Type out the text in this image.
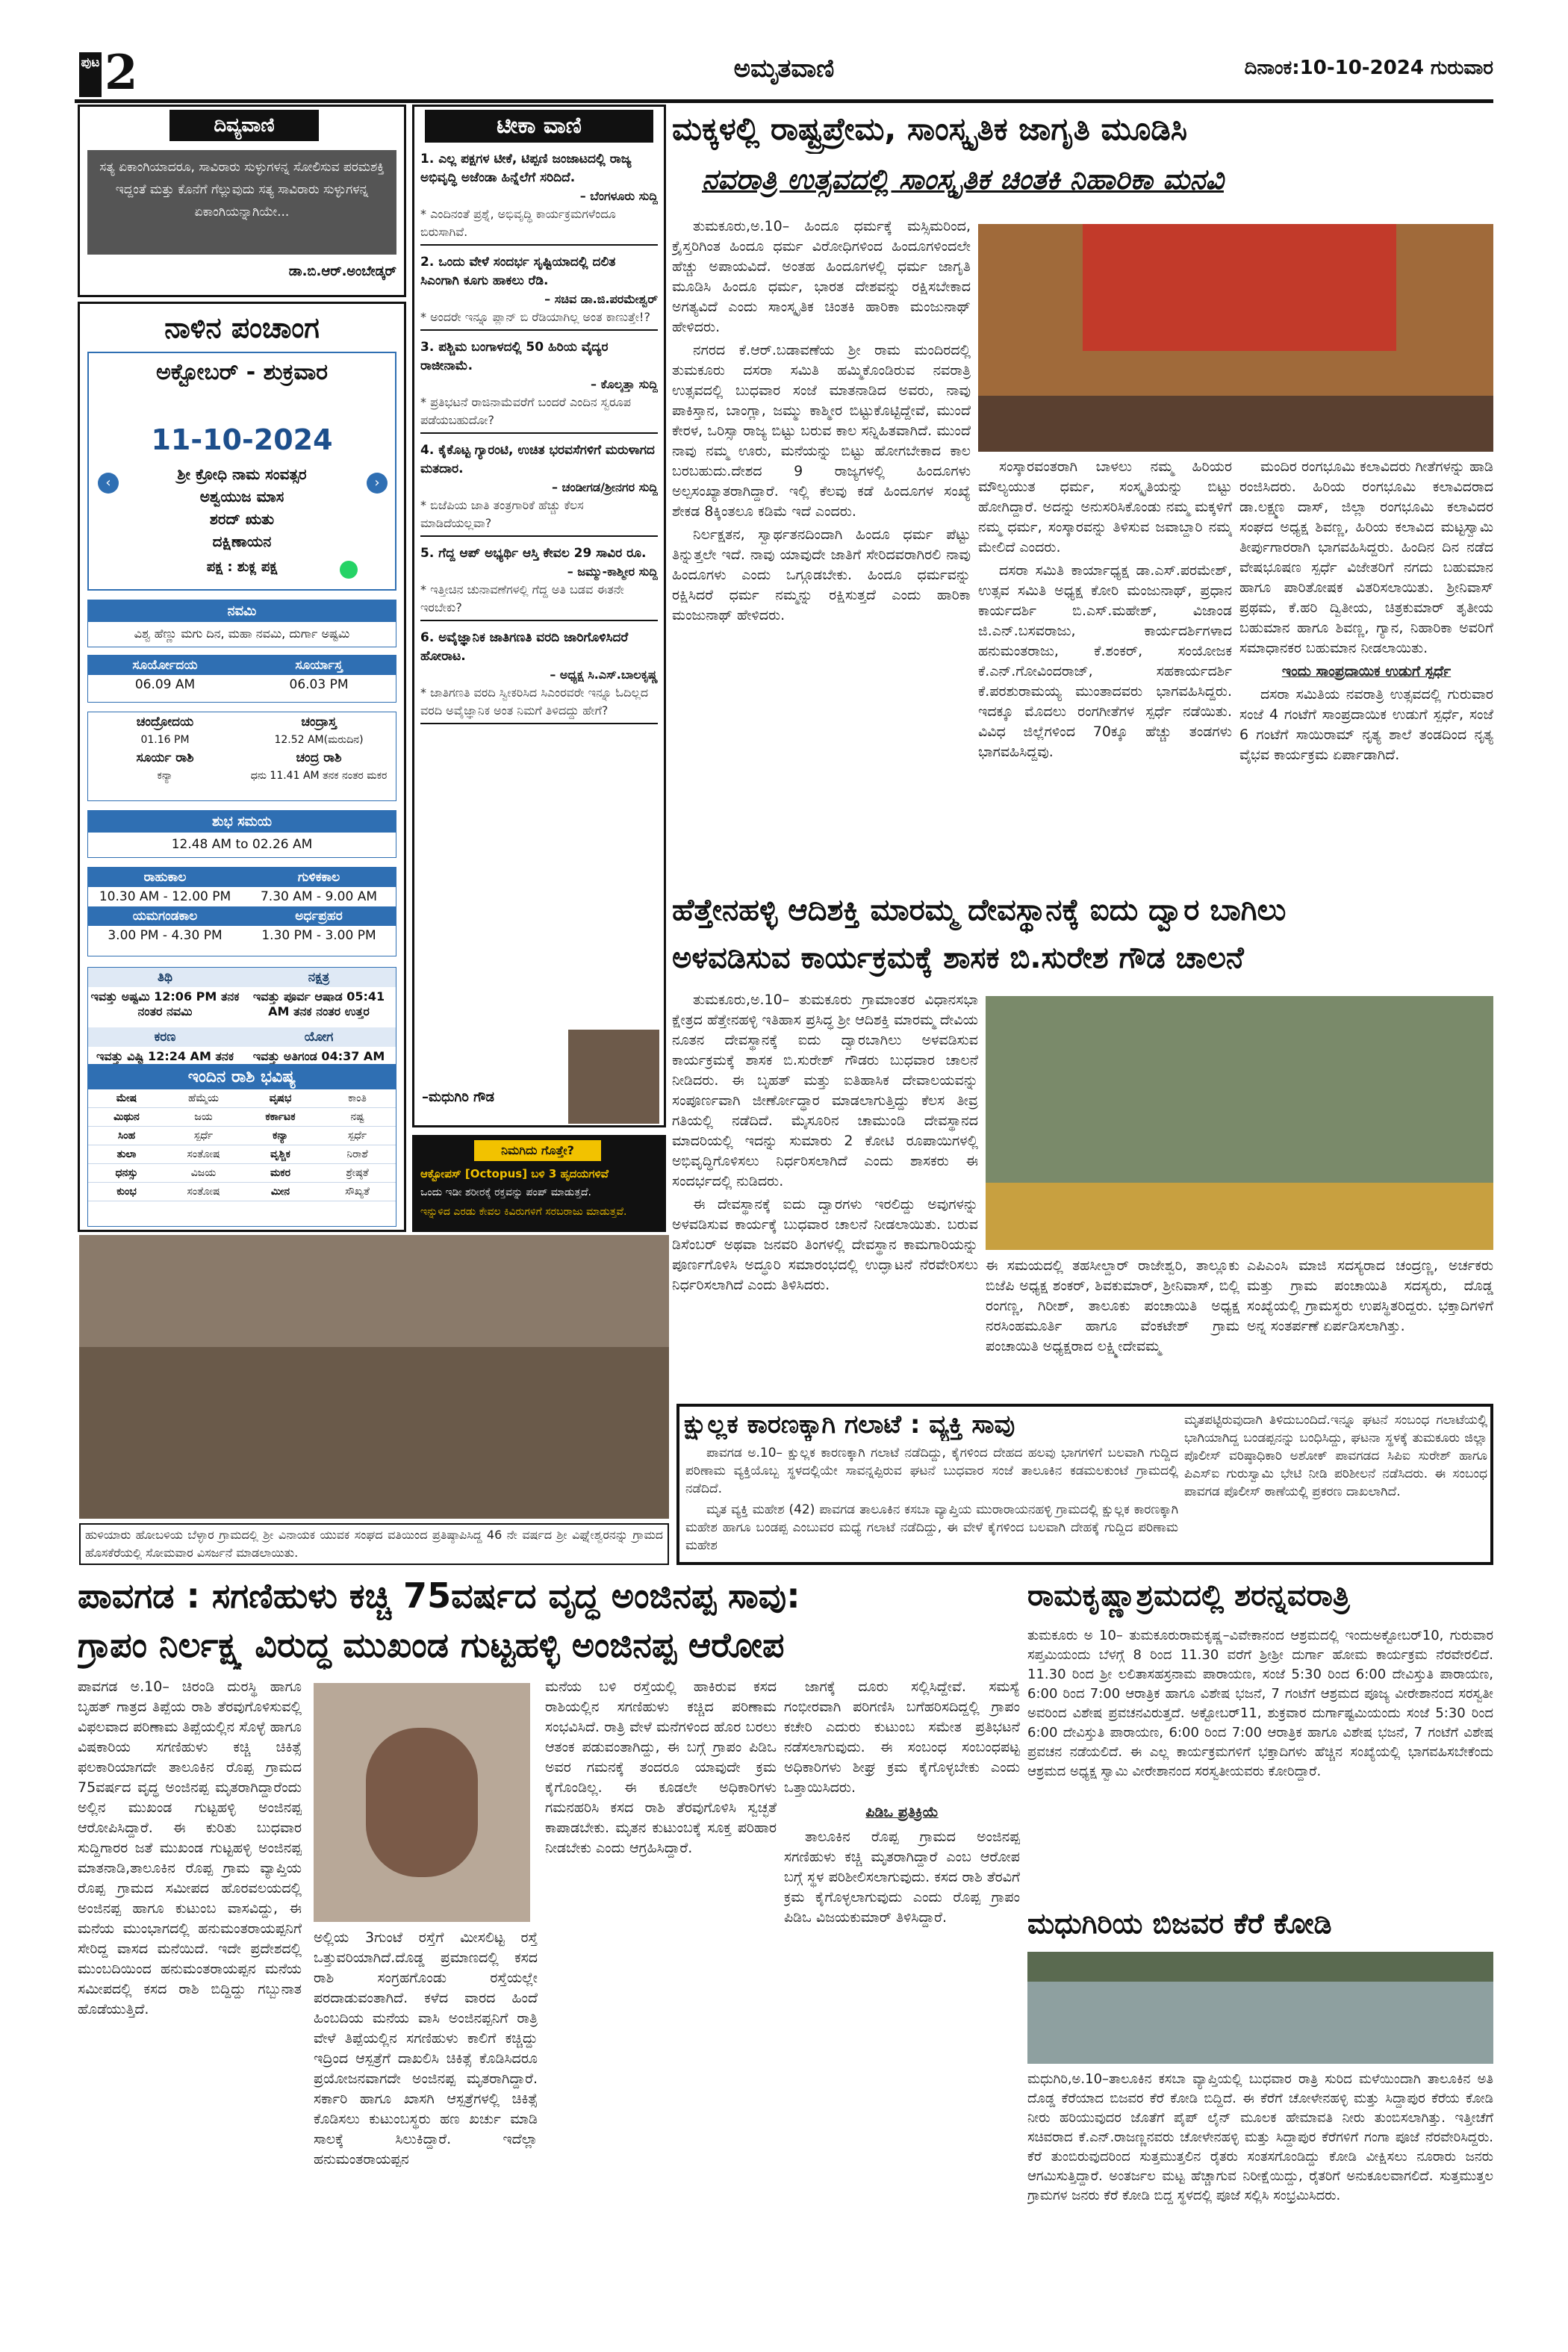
ಪುಟ 2	ಅಮೃತವಾಣಿ	ದಿನಾಂಕ:10-10-2024 ಗುರುವಾರ
ದಿವ್ಯವಾಣಿ
ಸತ್ಯ ಏಕಾಂಗಿಯಾದರೂ, ಸಾವಿರಾರು ಸುಳ್ಳುಗಳನ್ನ ಸೋಲಿಸುವ ಪರಮಶಕ್ತಿ ಇದ್ದಂತೆ ಮತ್ತು ಕೊನೆಗೆ ಗೆಲ್ಲುವುದು ಸತ್ಯ ಸಾವಿರಾರು ಸುಳ್ಳುಗಳನ್ನ ಏಕಾಂಗಿಯನ್ನಾಗಿಯೇ...
ಡಾ.ಬಿ.ಆರ್.ಅಂಬೇಡ್ಕರ್
ನಾಳಿನ ಪಂಚಾಂಗ
ಅಕ್ಟೋಬರ್ - ಶುಕ್ರವಾರ
11-10-2024
‹	›
ಶ್ರೀ ಕ್ರೋಧಿ ನಾಮ ಸಂವತ್ಸರ
ಅಶ್ವಯುಜ ಮಾಸ
ಶರದ್ ಋತು
ದಕ್ಷಿಣಾಯನ
ಪಕ್ಷ : ಶುಕ್ಲ ಪಕ್ಷ
ನವಮಿ
ವಿಶ್ವ ಹೆಣ್ಣು ಮಗು ದಿನ, ಮಹಾ ನವಮಿ, ದುರ್ಗಾ ಅಷ್ಟಮಿ
ಸೂರ್ಯೋದಯ	ಸೂರ್ಯಾಸ್ತ
06.09 AM	06.03 PM
ಚಂದ್ರೋದಯ	ಚಂದ್ರಾಸ್ತ
01.16 PM	12.52 AM(ಮರುದಿನ)
ಸೂರ್ಯ ರಾಶಿ	ಚಂದ್ರ ರಾಶಿ
ಕನ್ಯಾ	ಧನು 11.41 AM ತನಕ ನಂತರ ಮಕರ
ಶುಭ ಸಮಯ
12.48 AM to 02.26 AM
ರಾಹುಕಾಲ	ಗುಳಿಕಕಾಲ
10.30 AM - 12.00 PM	7.30 AM - 9.00 AM
ಯಮಗಂಡಕಾಲ	ಅರ್ಧಪ್ರಹರ
3.00 PM - 4.30 PM	1.30 PM - 3.00 PM
ತಿಥಿ	ನಕ್ಷತ್ರ
ಇವತ್ತು ಅಷ್ಟಮಿ 12:06 PM ತನಕ ನಂತರ ನವಮಿ
ಇವತ್ತು ಪೂರ್ವ ಆಷಾಡ 05:41 AM ತನಕ ನಂತರ ಉತ್ತರ
ಕರಣ	ಯೋಗ
ಇವತ್ತು ವಿಷ್ಟಿ 12:24 AM ತನಕ	ಇವತ್ತು ಅತಿಗಂಡ 04:37 AM
ಇಂದಿನ ರಾಶಿ ಭವಿಷ್ಯ
ಮೇಷ	ಹೆಮ್ಮೆಯ	ವೃಷಭ	ಕಾಂತಿ
ಮಿಥುನ	ಜಯ	ಕರ್ಕಾಟಕ	ನಷ್ಟ
ಸಿಂಹ	ಸ್ಪರ್ಧೆ	ಕನ್ಯಾ	ಸ್ಪರ್ಧೆ
ತುಲಾ	ಸಂತೋಷ	ವೃಶ್ಚಿಕ	ನಿರಾಶೆ
ಧನಸ್ಸು	ವಿಜಯ	ಮಕರ	ಶ್ರೇಷ್ಠತೆ
ಕುಂಭ	ಸಂತೋಷ	ಮೀನ	ಸೌಖ್ಯತೆ
ಟೀಕಾ ವಾಣಿ
1. ಎಲ್ಲ ಪಕ್ಷಗಳ ಟೀಕೆ, ಟಿಪ್ಪಣಿ ಜಂಜಾಟದಲ್ಲಿ ರಾಜ್ಯ ಅಭಿವೃದ್ಧಿ ಅಜೆಂಡಾ ಹಿನ್ನೆಲೆಗೆ ಸರಿದಿದೆ.
– ಬೆಂಗಳೂರು ಸುದ್ದಿ
* ಎಂದಿನಂತೆ ಪ್ರಶ್ನೆ, ಅಭಿವೃದ್ಧಿ ಕಾರ್ಯಕ್ರಮಗಳೆಂದೂ ಬಿರುಸಾಗಿವೆ.
2. ಒಂದು ವೇಳೆ ಸಂದರ್ಭ ಸೃಷ್ಟಿಯಾದಲ್ಲಿ ದಲಿತ ಸಿಎಂಗಾಗಿ ಕೂಗು ಹಾಕಲು ರೆಡಿ.
– ಸಚಿವ ಡಾ.ಜಿ.ಪರಮೇಶ್ವರ್
* ಅಂದರೇ ಇನ್ನೂ ಪ್ಲಾನ್ ಬಿ ರೆಡಿಯಾಗಿಲ್ಲ ಅಂತ ಕಾಣುತ್ತೇ!?
3. ಪಶ್ಚಿಮ ಬಂಗಾಳದಲ್ಲಿ 50 ಹಿರಿಯ ವೈದ್ಯರ ರಾಜೀನಾಮೆ.
– ಕೊಲ್ಕತ್ತಾ ಸುದ್ದಿ
* ಪ್ರತಿಭಟನೆ ರಾಜಿನಾಮೆವರೆಗೆ ಬಂದರೆ ಎಂದಿನ ಸ್ವರೂಪ ಪಡೆಯಬಹುದೋ?
4. ಕೈಕೊಟ್ಟ ಗ್ಯಾರಂಟಿ, ಉಚಿತ ಭರವಸೆಗಳಿಗೆ ಮರುಳಾಗದ ಮತದಾರ.
– ಚಂಡೀಗಡ/ಶ್ರೀನಗರ ಸುದ್ದಿ
* ಬಿಜೆಪಿಯ ಜಾತಿ ತಂತ್ರಗಾರಿಕೆ ಹೆಚ್ಚು ಕೆಲಸ ಮಾಡಿದೆಯಲ್ಲವಾ?
5. ಗೆದ್ದ ಆಪ್ ಅಭ್ಯರ್ಥಿ ಆಸ್ತಿ ಕೇವಲ 29 ಸಾವಿರ ರೂ.
– ಜಮ್ಮು-ಕಾಶ್ಮೀರ ಸುದ್ದಿ
* ಇತ್ತೀಚಿನ ಚುನಾವಣೆಗಳಲ್ಲಿ ಗೆದ್ದ ಅತಿ ಬಡವ ಈತನೇ ಇರಬೇಕು?
6. ಅವೈಜ್ಞಾನಿಕ ಜಾತಿಗಣತಿ ವರದಿ ಜಾರಿಗೊಳಿಸಿದರೆ ಹೋರಾಟ.
– ಅಧ್ಯಕ್ಷ ಸಿ.ಎಸ್.ಬಾಲಕೃಷ್ಣ
* ಜಾತಿಗಣತಿ ವರದಿ ಸ್ವೀಕರಿಸಿದ ಸಿಎಂರವರೇ ಇನ್ನೂ ಓದಿಲ್ಲದ ವರದಿ ಅವೈಜ್ಞಾನಿಕ ಅಂತ ನಿಮಗೆ ತಿಳಿದದ್ದು ಹೇಗೆ?
–ಮಧುಗಿರಿ ಗೌಡ
ನಿಮಗಿದು ಗೊತ್ತೇ?
ಆಕ್ಟೋಪಸ್ [Octopus] ಬಳಿ 3 ಹೃದಯಗಳಿವೆ
ಒಂದು ಇಡೀ ಶರೀರಕ್ಕೆ ರಕ್ತವನ್ನು ಪಂಪ್ ಮಾಡುತ್ತದೆ.
ಇನ್ನುಳಿದ ಎರಡು ಕೇವಲ ಕಿವಿರುಗಳಿಗೆ ಸರಬರಾಜು ಮಾಡುತ್ತವೆ.
ಮಕ್ಕಳಲ್ಲಿ ರಾಷ್ಟ್ರಪ್ರೇಮ, ಸಾಂಸ್ಕೃತಿಕ ಜಾಗೃತಿ ಮೂಡಿಸಿ
ನವರಾತ್ರಿ ಉತ್ಸವದಲ್ಲಿ ಸಾಂಸ್ಕೃತಿಕ ಚಿಂತಕಿ ನಿಹಾರಿಕಾ ಮನವಿ

ತುಮಕೂರು,ಅ.10– ಹಿಂದೂ ಧರ್ಮಕ್ಕೆ ಮಸ್ಸಿಮರಿಂದ, ಕ್ರೈಸ್ತರಿಗಿಂತ ಹಿಂದೂ ಧರ್ಮ ವಿರೋಧಿಗಳಿಂದ ಹಿಂದೂಗಳಿಂದಲೇ ಹೆಚ್ಚು ಅಪಾಯವಿದೆ. ಅಂತಹ ಹಿಂದೂಗಳಲ್ಲಿ ಧರ್ಮ ಜಾಗೃತಿ ಮೂಡಿಸಿ ಹಿಂದೂ ಧರ್ಮ, ಭಾರತ ದೇಶವನ್ನು ರಕ್ಷಿಸಬೇಕಾದ ಅಗತ್ಯವಿದೆ ಎಂದು ಸಾಂಸ್ಕೃತಿಕ ಚಿಂತಕಿ ಹಾರಿಕಾ ಮಂಜುನಾಥ್ ಹೇಳಿದರು.

ನಗರದ ಕೆ.ಆರ್.ಬಡಾವಣೆಯ ಶ್ರೀ ರಾಮ ಮಂದಿರದಲ್ಲಿ ತುಮಕೂರು ದಸರಾ ಸಮಿತಿ ಹಮ್ಮಿಕೊಂಡಿರುವ ನವರಾತ್ರಿ ಉತ್ಸವದಲ್ಲಿ ಬುಧವಾರ ಸಂಜೆ ಮಾತನಾಡಿದ ಅವರು, ನಾವು ಪಾಕಿಸ್ತಾನ, ಬಾಂಗ್ಲಾ, ಜಮ್ಮು ಕಾಶ್ಮೀರ ಬಿಟ್ಟುಕೊಟ್ಟಿದ್ದೇವೆ, ಮುಂದೆ ಕೇರಳ, ಒರಿಸ್ಸಾ ರಾಜ್ಯ ಬಿಟ್ಟು ಬರುವ ಕಾಲ ಸನ್ನಿಹಿತವಾಗಿದೆ. ಮುಂದೆ ನಾವು ನಮ್ಮ ಊರು, ಮನೆಯನ್ನು ಬಿಟ್ಟು ಹೋಗಬೇಕಾದ ಕಾಲ ಬರಬಹುದು.ದೇಶದ 9 ರಾಜ್ಯಗಳಲ್ಲಿ ಹಿಂದೂಗಳು ಅಲ್ಪಸಂಖ್ಯಾತರಾಗಿದ್ದಾರೆ. ಇಲ್ಲಿ ಕೆಲವು ಕಡೆ ಹಿಂದೂಗಳ ಸಂಖ್ಯೆ ಶೇಕಡ 8ಕ್ಕಿಂತಲೂ ಕಡಿಮೆ ಇದೆ ಎಂದರು.

ನಿರ್ಲಕ್ಷತನ, ಸ್ವಾರ್ಥತನದಿಂದಾಗಿ ಹಿಂದೂ ಧರ್ಮ ಪೆಟ್ಟು ತಿನ್ನುತ್ತಲೇ ಇದೆ. ನಾವು ಯಾವುದೇ ಜಾತಿಗೆ ಸೇರಿದವರಾಗಿರಲಿ ನಾವು ಹಿಂದೂಗಳು ಎಂದು ಒಗ್ಗೂಡಬೇಕು. ಹಿಂದೂ ಧರ್ಮವನ್ನು ರಕ್ಷಿಸಿದರೆ ಧರ್ಮ ನಮ್ಮನ್ನು ರಕ್ಷಿಸುತ್ತದೆ ಎಂದು ಹಾರಿಕಾ ಮಂಜುನಾಥ್ ಹೇಳಿದರು.

ಸಂಸ್ಕಾರವಂತರಾಗಿ ಬಾಳಲು ನಮ್ಮ ಹಿರಿಯರ ಮೌಲ್ಯಯುತ ಧರ್ಮ, ಸಂಸ್ಕೃತಿಯನ್ನು ಬಿಟ್ಟು ಹೋಗಿದ್ದಾರೆ. ಅದನ್ನು ಅನುಸರಿಸಿಕೊಂಡು ನಮ್ಮ ಮಕ್ಕಳಿಗೆ ನಮ್ಮ ಧರ್ಮ, ಸಂಸ್ಕಾರವನ್ನು ತಿಳಿಸುವ ಜವಾಬ್ದಾರಿ ನಮ್ಮ ಮೇಲಿದೆ ಎಂದರು.

ದಸರಾ ಸಮಿತಿ ಕಾರ್ಯಾಧ್ಯಕ್ಷ ಡಾ.ಎಸ್.ಪರಮೇಶ್, ಉತ್ಸವ ಸಮಿತಿ ಅಧ್ಯಕ್ಷ ಕೋರಿ ಮಂಜುನಾಥ್, ಪ್ರಧಾನ ಕಾರ್ಯದರ್ಶಿ ಬಿ.ಎಸ್.ಮಹೇಶ್, ವಿಜಾಂಡ ಜಿ.ಎನ್.ಬಸವರಾಜು, ಕಾರ್ಯದರ್ಶಿಗಳಾದ ಹನುಮಂತರಾಜು, ಕೆ.ಶಂಕರ್, ಸಂಯೋಜಕ ಕೆ.ಎನ್.ಗೋವಿಂದರಾಜ್, ಸಹಕಾರ್ಯದರ್ಶಿ ಕೆ.ಪರಶುರಾಮಯ್ಯ ಮುಂತಾದವರು ಭಾಗವಹಿಸಿದ್ದರು. ಇದಕ್ಕೂ ಮೊದಲು ರಂಗಗೀತೆಗಳ ಸ್ಪರ್ಧೆ ನಡೆಯಿತು. ವಿವಿಧ ಜಿಲ್ಲೆಗಳಿಂದ 70ಕ್ಕೂ ಹೆಚ್ಚು ತಂಡಗಳು ಭಾಗವಹಿಸಿದ್ದವು.

ಮಂದಿರ ರಂಗಭೂಮಿ ಕಲಾವಿದರು ಗೀತೆಗಳನ್ನು ಹಾಡಿ ರಂಜಿಸಿದರು. ಹಿರಿಯ ರಂಗಭೂಮಿ ಕಲಾವಿದರಾದ ಡಾ.ಲಕ್ಷ್ಮಣ ದಾಸ್, ಜಿಲ್ಲಾ ರಂಗಭೂಮಿ ಕಲಾವಿದರ ಸಂಘದ ಅಧ್ಯಕ್ಷ ಶಿವಣ್ಣ, ಹಿರಿಯ ಕಲಾವಿದ ಮಟ್ಟಸ್ವಾಮಿ ತೀರ್ಪುಗಾರರಾಗಿ ಭಾಗವಹಿಸಿದ್ದರು. ಹಿಂದಿನ ದಿನ ನಡೆದ ವೇಷಭೂಷಣ ಸ್ಪರ್ಧೆ ವಿಜೇತರಿಗೆ ನಗದು ಬಹುಮಾನ ಹಾಗೂ ಪಾರಿತೋಷಕ ವಿತರಿಸಲಾಯಿತು. ಶ್ರೀನಿವಾಸ್ ಪ್ರಥಮ, ಕೆ.ಹರಿ ದ್ವಿತೀಯ, ಚಿತ್ರಕುಮಾರ್ ತೃತೀಯ ಬಹುಮಾನ ಹಾಗೂ ಶಿವಣ್ಣ, ಗ್ಯಾನ, ನಿಹಾರಿಕಾ ಅವರಿಗೆ ಸಮಾಧಾನಕರ ಬಹುಮಾನ ನೀಡಲಾಯಿತು.

ಇಂದು ಸಾಂಪ್ರದಾಯಿಕ ಉಡುಗೆ ಸ್ಪರ್ಧೆ

ದಸರಾ ಸಮಿತಿಯ ನವರಾತ್ರಿ ಉತ್ಸವದಲ್ಲಿ ಗುರುವಾರ ಸಂಜೆ 4 ಗಂಟೆಗೆ ಸಾಂಪ್ರದಾಯಿಕ ಉಡುಗೆ ಸ್ಪರ್ಧೆ, ಸಂಜೆ 6 ಗಂಟೆಗೆ ಸಾಯಿರಾಮ್ ನೃತ್ಯ ಶಾಲೆ ತಂಡದಿಂದ ನೃತ್ಯ ವೈಭವ ಕಾರ್ಯಕ್ರಮ ಏರ್ಪಾಡಾಗಿದೆ.

ಹೆತ್ತೇನಹಳ್ಳಿ ಆದಿಶಕ್ತಿ ಮಾರಮ್ಮ ದೇವಸ್ಥಾನಕ್ಕೆ ಐದು ದ್ವಾರ ಬಾಗಿಲು
ಅಳವಡಿಸುವ ಕಾರ್ಯಕ್ರಮಕ್ಕೆ ಶಾಸಕ ಬಿ.ಸುರೇಶ ಗೌಡ ಚಾಲನೆ

ತುಮಕೂರು,ಅ.10– ತುಮಕೂರು ಗ್ರಾಮಾಂತರ ವಿಧಾನಸಭಾ ಕ್ಷೇತ್ರದ ಹೆತ್ತೇನಹಳ್ಳಿ ಇತಿಹಾಸ ಪ್ರಸಿದ್ಧ ಶ್ರೀ ಆದಿಶಕ್ತಿ ಮಾರಮ್ಮ ದೇವಿಯ ನೂತನ ದೇವಸ್ಥಾನಕ್ಕೆ ಐದು ದ್ವಾರಬಾಗಿಲು ಅಳವಡಿಸುವ ಕಾರ್ಯಕ್ರಮಕ್ಕೆ ಶಾಸಕ ಬಿ.ಸುರೇಶ್ ಗೌಡರು ಬುಧವಾರ ಚಾಲನೆ ನೀಡಿದರು. ಈ ಬೃಹತ್ ಮತ್ತು ಐತಿಹಾಸಿಕ ದೇವಾಲಯವನ್ನು ಸಂಪೂರ್ಣವಾಗಿ ಜೀರ್ಣೋದ್ಧಾರ ಮಾಡಲಾಗುತ್ತಿದ್ದು ಕೆಲಸ ತೀವ್ರ ಗತಿಯಲ್ಲಿ ನಡೆದಿದೆ. ಮೈಸೂರಿನ ಚಾಮುಂಡಿ ದೇವಸ್ಥಾನದ ಮಾದರಿಯಲ್ಲಿ ಇದನ್ನು ಸುಮಾರು 2 ಕೋಟಿ ರೂಪಾಯಿಗಳಲ್ಲಿ ಅಭಿವೃದ್ಧಿಗೊಳಿಸಲು ನಿರ್ಧರಿಸಲಾಗಿದೆ ಎಂದು ಶಾಸಕರು ಈ ಸಂದರ್ಭದಲ್ಲಿ ನುಡಿದರು.

ಈ ದೇವಸ್ಥಾನಕ್ಕೆ ಐದು ದ್ವಾರಗಳು ಇರಲಿದ್ದು ಅವುಗಳನ್ನು ಅಳವಡಿಸುವ ಕಾರ್ಯಕ್ಕೆ ಬುಧವಾರ ಚಾಲನೆ ನೀಡಲಾಯಿತು. ಬರುವ ಡಿಸೆಂಬರ್ ಅಥವಾ ಜನವರಿ ತಿಂಗಳಲ್ಲಿ ದೇವಸ್ಥಾನ ಕಾಮಗಾರಿಯನ್ನು ಪೂರ್ಣಗೊಳಿಸಿ ಅದ್ಧೂರಿ ಸಮಾರಂಭದಲ್ಲಿ ಉದ್ಘಾಟನೆ ನೆರವೇರಿಸಲು ನಿರ್ಧರಿಸಲಾಗಿದೆ ಎಂದು ತಿಳಿಸಿದರು.

ಈ ಸಮಯದಲ್ಲಿ ತಹಸೀಲ್ದಾರ್ ರಾಜೇಶ್ವರಿ, ತಾಲ್ಲೂಕು ಬಿಜೆಪಿ ಅಧ್ಯಕ್ಷ ಶಂಕರ್, ಶಿವಕುಮಾರ್, ಶ್ರೀನಿವಾಸ್, ಬಿಲ್ಲಿ ರಂಗಣ್ಣ, ಗಿರೀಶ್, ತಾಲೂಕು ಪಂಚಾಯಿತಿ ಅಧ್ಯಕ್ಷ ನರಸಿಂಹಮೂರ್ತಿ ಹಾಗೂ ವೆಂಕಟೇಶ್ ಗ್ರಾಮ ಪಂಚಾಯಿತಿ ಅಧ್ಯಕ್ಷರಾದ ಲಕ್ಷ್ಮೀದೇವಮ್ಮ
ಎಪಿಎಂಸಿ ಮಾಜಿ ಸದಸ್ಯರಾದ ಚಂದ್ರಣ್ಣ, ಅರ್ಚಕರು ಮತ್ತು ಗ್ರಾಮ ಪಂಚಾಯಿತಿ ಸದಸ್ಯರು, ದೊಡ್ಡ ಸಂಖ್ಯೆಯಲ್ಲಿ ಗ್ರಾಮಸ್ಥರು ಉಪಸ್ಥಿತರಿದ್ದರು. ಭಕ್ತಾದಿಗಳಿಗೆ ಅನ್ನ ಸಂತರ್ಪಣೆ ಏರ್ಪಡಿಸಲಾಗಿತ್ತು.
ಹುಳಿಯಾರು ಹೋಬಳಿಯ ಬೆಳ್ಳಾರ ಗ್ರಾಮದಲ್ಲಿ ಶ್ರೀ ವಿನಾಯಕ ಯುವಕ ಸಂಘದ ವತಿಯಿಂದ ಪ್ರತಿಷ್ಠಾಪಿಸಿದ್ದ 46 ನೇ ವರ್ಷದ ಶ್ರೀ ವಿಘ್ನೇಶ್ವರನನ್ನು ಗ್ರಾಮದ ಹೊಸಕೆರೆಯಲ್ಲಿ ಸೋಮವಾರ ವಿಸರ್ಜನೆ ಮಾಡಲಾಯಿತು.
ಕ್ಷುಲ್ಲಕ ಕಾರಣಕ್ಕಾಗಿ ಗಲಾಟೆ : ವ್ಯಕ್ತಿ ಸಾವು

ಪಾವಗಡ ಅ.10– ಕ್ಷುಲ್ಲಕ ಕಾರಣಕ್ಕಾಗಿ ಗಲಾಟೆ ನಡೆದಿದ್ದು, ಕೈಗಳಿಂದ ದೇಹದ ಹಲವು ಭಾಗಗಳಿಗೆ ಬಲವಾಗಿ ಗುದ್ದಿದ ಪರಿಣಾಮ ವ್ಯಕ್ತಿಯೊಬ್ಬ ಸ್ಥಳದಲ್ಲಿಯೇ ಸಾವನ್ನಪ್ಪಿರುವ ಘಟನೆ ಬುಧವಾರ ಸಂಜೆ ತಾಲೂಕಿನ ಕಡಮಲಕುಂಟೆ ಗ್ರಾಮದಲ್ಲಿ ನಡೆದಿದೆ.

ಮೃತ ವ್ಯಕ್ತಿ ಮಹೇಶ (42) ಪಾವಗಡ ತಾಲೂಕಿನ ಕಸಬಾ ವ್ಯಾಪ್ತಿಯ ಮುರಾರಾಯನಹಳ್ಳಿ ಗ್ರಾಮದಲ್ಲಿ ಕ್ಷುಲ್ಲಕ ಕಾರಣಕ್ಕಾಗಿ ಮಹೇಶ ಹಾಗೂ ಬಂಡಪ್ಪ ಎಂಬುವರ ಮಧ್ಯೆ ಗಲಾಟೆ ನಡೆದಿದ್ದು, ಈ ವೇಳೆ ಕೈಗಳಿಂದ ಬಲವಾಗಿ ದೇಹಕ್ಕೆ ಗುದ್ದಿದ ಪರಿಣಾಮ ಮಹೇಶ

ಮೃತಪಟ್ಟಿರುವುದಾಗಿ ತಿಳಿದುಬಂದಿದೆ.ಇನ್ನೂ ಘಟನೆ ಸಂಬಂಧ ಗಲಾಟೆಯಲ್ಲಿ ಭಾಗಿಯಾಗಿದ್ದ ಬಂಡಪ್ಪನನ್ನು ಬಂಧಿಸಿದ್ದು, ಘಟನಾ ಸ್ಥಳಕ್ಕೆ ತುಮಕೂರು ಜಿಲ್ಲಾ ಪೊಲೀಸ್ ವರಿಷ್ಠಾಧಿಕಾರಿ ಅಶೋಕ್ ಪಾವಗಡದ ಸಿಪಿಐ ಸುರೇಶ್ ಹಾಗೂ ಪಿಎಸ್‌ಐ ಗುರುಸ್ವಾಮಿ ಭೇಟಿ ನೀಡಿ ಪರಿಶೀಲನೆ ನಡೆಸಿದರು. ಈ ಸಂಬಂಧ ಪಾವಗಡ ಪೊಲೀಸ್ ಠಾಣೆಯಲ್ಲಿ ಪ್ರಕರಣ ದಾಖಲಾಗಿದೆ.
ಪಾವಗಡ : ಸಗಣಿಹುಳು ಕಚ್ಚಿ 75ವರ್ಷದ ವೃದ್ಧ ಅಂಜಿನಪ್ಪ ಸಾವು:
ಗ್ರಾಪಂ ನಿರ್ಲಕ್ಷ್ಯ ವಿರುದ್ಧ ಮುಖಂಡ ಗುಟ್ಟಹಳ್ಳಿ ಅಂಜಿನಪ್ಪ ಆರೋಪ
ಪಾವಗಡ ಅ.10– ಚಿರಂಡಿ ದುರಸ್ಥಿ ಹಾಗೂ ಬೃಹತ್ ಗಾತ್ರದ ತಿಪ್ಪೆಯ ರಾಶಿ ತೆರವುಗೊಳಿಸುವಲ್ಲಿ ವಿಫಲವಾದ ಪರಿಣಾಮ ತಿಪ್ಪೆಯಲ್ಲಿನ ಸೊಳ್ಳೆ ಹಾಗೂ ವಿಷಕಾರಿಯ ಸಗಣಿಹುಳು ಕಚ್ಚಿ ಚಿಕಿತ್ಸೆ ಫಲಕಾರಿಯಾಗದೇ ತಾಲೂಕಿನ ರೊಪ್ಪ ಗ್ರಾಮದ 75ವರ್ಷದ ವೃದ್ಧ ಅಂಜಿನಪ್ಪ ಮೃತರಾಗಿದ್ದಾರೆಂದು ಅಲ್ಲಿನ ಮುಖಂಡ ಗುಟ್ಟಹಳ್ಳಿ ಅಂಜಿನಪ್ಪ ಆರೋಪಿಸಿದ್ದಾರೆ. ಈ ಕುರಿತು ಬುಧವಾರ ಸುದ್ದಿಗಾರರ ಜತೆ ಮುಖಂಡ ಗುಟ್ಟಹಳ್ಳಿ ಅಂಜಿನಪ್ಪ ಮಾತನಾಡಿ,ತಾಲೂಕಿನ ರೊಪ್ಪ ಗ್ರಾಮ ವ್ಯಾಪ್ತಿಯ ರೊಪ್ಪ ಗ್ರಾಮದ ಸಮೀಪದ ಹೊರವಲಯದಲ್ಲಿ ಅಂಜಿನಪ್ಪ ಹಾಗೂ ಕುಟುಂಬ ವಾಸವಿದ್ದು, ಈ ಮನೆಯ ಮುಂಭಾಗದಲ್ಲಿ ಹನುಮಂತರಾಯಪ್ಪನಿಗೆ ಸೇರಿದ್ದ ವಾಸದ ಮನೆಯಿದೆ. ಇದೇ ಪ್ರದೇಶದಲ್ಲಿ ಮುಂಬದಿಯಿಂದ ಹನುಮಂತರಾಯಪ್ಪನ ಮನೆಯ ಸಮೀಪದಲ್ಲಿ ಕಸದ ರಾಶಿ ಬಿದ್ದಿದ್ದು ಗಬ್ಬುನಾತ ಹೊಡೆಯುತ್ತಿದೆ.
ಅಲ್ಲಿಯ 3ಗುಂಟೆ ರಸ್ತೆಗೆ ಮೀಸಲಿಟ್ಟ ರಸ್ತೆ ಒತ್ತುವರಿಯಾಗಿದೆ.ದೊಡ್ಡ ಪ್ರಮಾಣದಲ್ಲಿ ಕಸದ ರಾಶಿ ಸಂಗ್ರಹಗೊಂಡು ರಸ್ತೆಯಲ್ಲೇ ಪರದಾಡುವಂತಾಗಿದೆ. ಕಳೆದ ವಾರದ ಹಿಂದೆ ಹಿಂಬದಿಯ ಮನೆಯ ವಾಸಿ ಅಂಜಿನಪ್ಪನಿಗೆ ರಾತ್ರಿ ವೇಳೆ ತಿಪ್ಪೆಯಲ್ಲಿನ ಸಗಣಿಹುಳು ಕಾಲಿಗೆ ಕಚ್ಚಿದ್ದು ಇದ್ರಿಂದ ಆಸ್ಪತ್ರೆಗೆ ದಾಖಲಿಸಿ ಚಿಕಿತ್ಸೆ ಕೊಡಿಸಿದರೂ ಪ್ರಯೋಜನವಾಗದೇ ಅಂಜಿನಪ್ಪ ಮೃತರಾಗಿದ್ದಾರೆ. ಸರ್ಕಾರಿ ಹಾಗೂ ಖಾಸಗಿ ಆಸ್ಪತ್ರೆಗಳಲ್ಲಿ ಚಿಕಿತ್ಸೆ ಕೊಡಿಸಲು ಕುಟುಂಬಸ್ಥರು ಹಣ ಖರ್ಚು ಮಾಡಿ ಸಾಲಕ್ಕೆ ಸಿಲುಕಿದ್ದಾರೆ. ಇದೆಲ್ಲಾ ಹನುಮಂತರಾಯಪ್ಪನ
ಮನೆಯ ಬಳಿ ರಸ್ತೆಯಲ್ಲಿ ಹಾಕಿರುವ ಕಸದ ರಾಶಿಯಲ್ಲಿನ ಸಗಣಿಹುಳು ಕಚ್ಚಿದ ಪರಿಣಾಮ ಸಂಭವಿಸಿದೆ. ರಾತ್ರಿ ವೇಳೆ ಮನೆಗಳಿಂದ ಹೊರ ಬರಲು ಆತಂಕ ಪಡುವಂತಾಗಿದ್ದು, ಈ ಬಗ್ಗೆ ಗ್ರಾಪಂ ಪಿಡಿಒ ಅವರ ಗಮನಕ್ಕೆ ತಂದರೂ ಯಾವುದೇ ಕ್ರಮ ಕೈಗೊಂಡಿಲ್ಲ. ಈ ಕೂಡಲೇ ಅಧಿಕಾರಿಗಳು ಗಮನಹರಿಸಿ ಕಸದ ರಾಶಿ ತೆರವುಗೊಳಿಸಿ ಸ್ವಚ್ಛತೆ ಕಾಪಾಡಬೇಕು. ಮೃತನ ಕುಟುಂಬಕ್ಕೆ ಸೂಕ್ತ ಪರಿಹಾರ ನೀಡಬೇಕು ಎಂದು ಆಗ್ರಹಿಸಿದ್ದಾರೆ.

ಜಾಗಕ್ಕೆ ದೂರು ಸಲ್ಲಿಸಿದ್ದೇವೆ. ಸಮಸ್ಯೆ ಗಂಭೀರವಾಗಿ ಪರಿಗಣಿಸಿ ಬಗೆಹರಿಸದಿದ್ದಲ್ಲಿ ಗ್ರಾಪಂ ಕಚೇರಿ ಎದುರು ಕುಟುಂಬ ಸಮೇತ ಪ್ರತಿಭಟನೆ ನಡೆಸಲಾಗುವುದು. ಈ ಸಂಬಂಧ ಸಂಬಂಧಪಟ್ಟ ಅಧಿಕಾರಿಗಳು ಶೀಘ್ರ ಕ್ರಮ ಕೈಗೊಳ್ಳಬೇಕು ಎಂದು ಒತ್ತಾಯಿಸಿದರು.

ಪಿಡಿಒ ಪ್ರತಿಕ್ರಿಯೆ

ತಾಲೂಕಿನ ರೊಪ್ಪ ಗ್ರಾಮದ ಅಂಜಿನಪ್ಪ ಸಗಣಿಹುಳು ಕಚ್ಚಿ ಮೃತರಾಗಿದ್ದಾರೆ ಎಂಬ ಆರೋಪ ಬಗ್ಗೆ ಸ್ಥಳ ಪರಿಶೀಲಿಸಲಾಗುವುದು. ಕಸದ ರಾಶಿ ತೆರವಿಗೆ ಕ್ರಮ ಕೈಗೊಳ್ಳಲಾಗುವುದು ಎಂದು ರೊಪ್ಪ ಗ್ರಾಪಂ ಪಿಡಿಒ ವಿಜಯಕುಮಾರ್ ತಿಳಿಸಿದ್ದಾರೆ.

ರಾಮಕೃಷ್ಣಾಶ್ರಮದಲ್ಲಿ ಶರನ್ನವರಾತ್ರಿ
ತುಮಕೂರು ಅ 10– ತುಮಕೂರುರಾಮಕೃಷ್ಣ–ವಿವೇಕಾನಂದ ಆಶ್ರಮದಲ್ಲಿ ಇಂದುಅಕ್ಟೋಬರ್10, ಗುರುವಾರ ಸಪ್ತಮಿಯಂದು ಬೆಳಗ್ಗೆ 8 ರಿಂದ 11.30 ವರೆಗೆ ಶ್ರೀಶ್ರೀ ದುರ್ಗಾ ಹೋಮ ಕಾರ್ಯಕ್ರಮ ನೆರವೇರಲಿದೆ. 11.30 ರಿಂದ ಶ್ರೀ ಲಲಿತಾಸಹಸ್ರನಾಮ ಪಾರಾಯಣ, ಸಂಜೆ 5:30 ರಿಂದ 6:00 ದೇವಿಸ್ತುತಿ ಪಾರಾಯಣ, 6:00 ರಿಂದ 7:00 ಆರಾತ್ರಿಕ ಹಾಗೂ ವಿಶೇಷ ಭಜನೆ, 7 ಗಂಟೆಗೆ ಆಶ್ರಮದ ಪೂಜ್ಯ ವೀರೇಶಾನಂದ ಸರಸ್ವತೀ ಅವರಿಂದ ವಿಶೇಷ ಪ್ರವಚನವಿರುತ್ತದೆ. ಅಕ್ಟೋಬರ್11, ಶುಕ್ರವಾರ ದುರ್ಗಾಷ್ಟಮಿಯಂದು ಸಂಜೆ 5:30 ರಿಂದ 6:00 ದೇವಿಸ್ತುತಿ ಪಾರಾಯಣ, 6:00 ರಿಂದ 7:00 ಆರಾತ್ರಿಕ ಹಾಗೂ ವಿಶೇಷ ಭಜನೆ, 7 ಗಂಟೆಗೆ ವಿಶೇಷ ಪ್ರವಚನ ನಡೆಯಲಿದೆ. ಈ ಎಲ್ಲ ಕಾರ್ಯಕ್ರಮಗಳಿಗೆ ಭಕ್ತಾದಿಗಳು ಹೆಚ್ಚಿನ ಸಂಖ್ಯೆಯಲ್ಲಿ ಭಾಗವಹಿಸಬೇಕೆಂದು ಆಶ್ರಮದ ಅಧ್ಯಕ್ಷ ಸ್ವಾಮಿ ವೀರೇಶಾನಂದ ಸರಸ್ವತೀಯವರು ಕೋರಿದ್ದಾರೆ.
ಮಧುಗಿರಿಯ ಬಿಜವರ ಕೆರೆ ಕೋಡಿ
ಮಧುಗಿರಿ,ಅ.10–ತಾಲೂಕಿನ ಕಸಬಾ ವ್ಯಾಪ್ತಿಯಲ್ಲಿ ಬುಧವಾರ ರಾತ್ರಿ ಸುರಿದ ಮಳೆಯಿಂದಾಗಿ ತಾಲೂಕಿನ ಅತಿ ದೊಡ್ಡ ಕೆರೆಯಾದ ಬಿಜವರ ಕೆರೆ ಕೋಡಿ ಬಿದ್ದಿದೆ. ಈ ಕೆರೆಗೆ ಚೋಳೇನಹಳ್ಳಿ ಮತ್ತು ಸಿದ್ದಾಪುರ ಕೆರೆಯ ಕೋಡಿ ನೀರು ಹರಿಯುವುದರ ಜೊತೆಗೆ ಪೈಪ್ ಲೈನ್ ಮೂಲಕ ಹೇಮಾವತಿ ನೀರು ತುಂಬಿಸಲಾಗಿತ್ತು. ಇತ್ತೀಚೆಗೆ ಸಚಿವರಾದ ಕೆ.ಎನ್.ರಾಜಣ್ಣನವರು ಚೋಳೇನಹಳ್ಳಿ ಮತ್ತು ಸಿದ್ದಾಪುರ ಕೆರೆಗಳಿಗೆ ಗಂಗಾ ಪೂಜೆ ನೆರವೇರಿಸಿದ್ದರು. ಕೆರೆ ತುಂಬಿರುವುದರಿಂದ ಸುತ್ತಮುತ್ತಲಿನ ರೈತರು ಸಂತಸಗೊಂಡಿದ್ದು ಕೋಡಿ ವೀಕ್ಷಿಸಲು ನೂರಾರು ಜನರು ಆಗಮಿಸುತ್ತಿದ್ದಾರೆ. ಅಂತರ್ಜಲ ಮಟ್ಟ ಹೆಚ್ಚಾಗುವ ನಿರೀಕ್ಷೆಯಿದ್ದು, ರೈತರಿಗೆ ಅನುಕೂಲವಾಗಲಿದೆ. ಸುತ್ತಮುತ್ತಲ ಗ್ರಾಮಗಳ ಜನರು ಕೆರೆ ಕೋಡಿ ಬಿದ್ದ ಸ್ಥಳದಲ್ಲಿ ಪೂಜೆ ಸಲ್ಲಿಸಿ ಸಂಭ್ರಮಿಸಿದರು.
